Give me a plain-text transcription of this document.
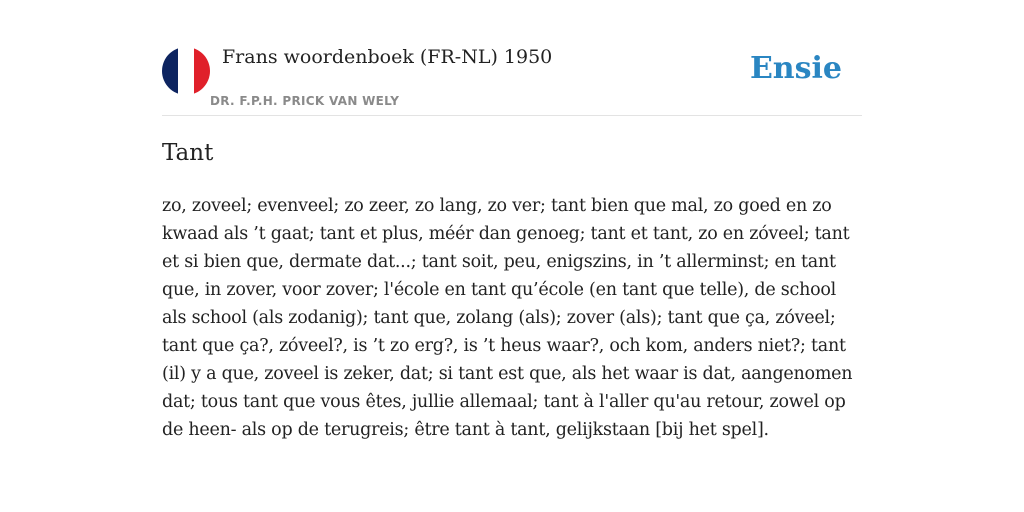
Frans woordenboek (FR-NL) 1950
DR. F.P.H. PRICK VAN WELY
Ensie
Tant

zo, zoveel; evenveel; zo zeer, zo lang, zo ver; tant bien que mal, zo goed en zo kwaad als ’t gaat; tant et plus, méér dan genoeg; tant et tant, zo en zóveel; tant et si bien que, dermate dat...; tant soit, peu, enigszins, in ’t allerminst; en tant que, in zover, voor zover; l'école en tant qu’école (en tant que telle), de school als school (als zodanig); tant que, zolang (als); zover (als); tant que ça, zóveel; tant que ça?, zóveel?, is ’t zo erg?, is ’t heus waar?, och kom, anders niet?; tant (il) y a que, zoveel is zeker, dat; si tant est que, als het waar is dat, aangenomen dat; tous tant que vous êtes, jullie allemaal; tant à l'aller qu'au retour, zowel op de heen- als op de terugreis; être tant à tant, gelijkstaan [bij het spel].
